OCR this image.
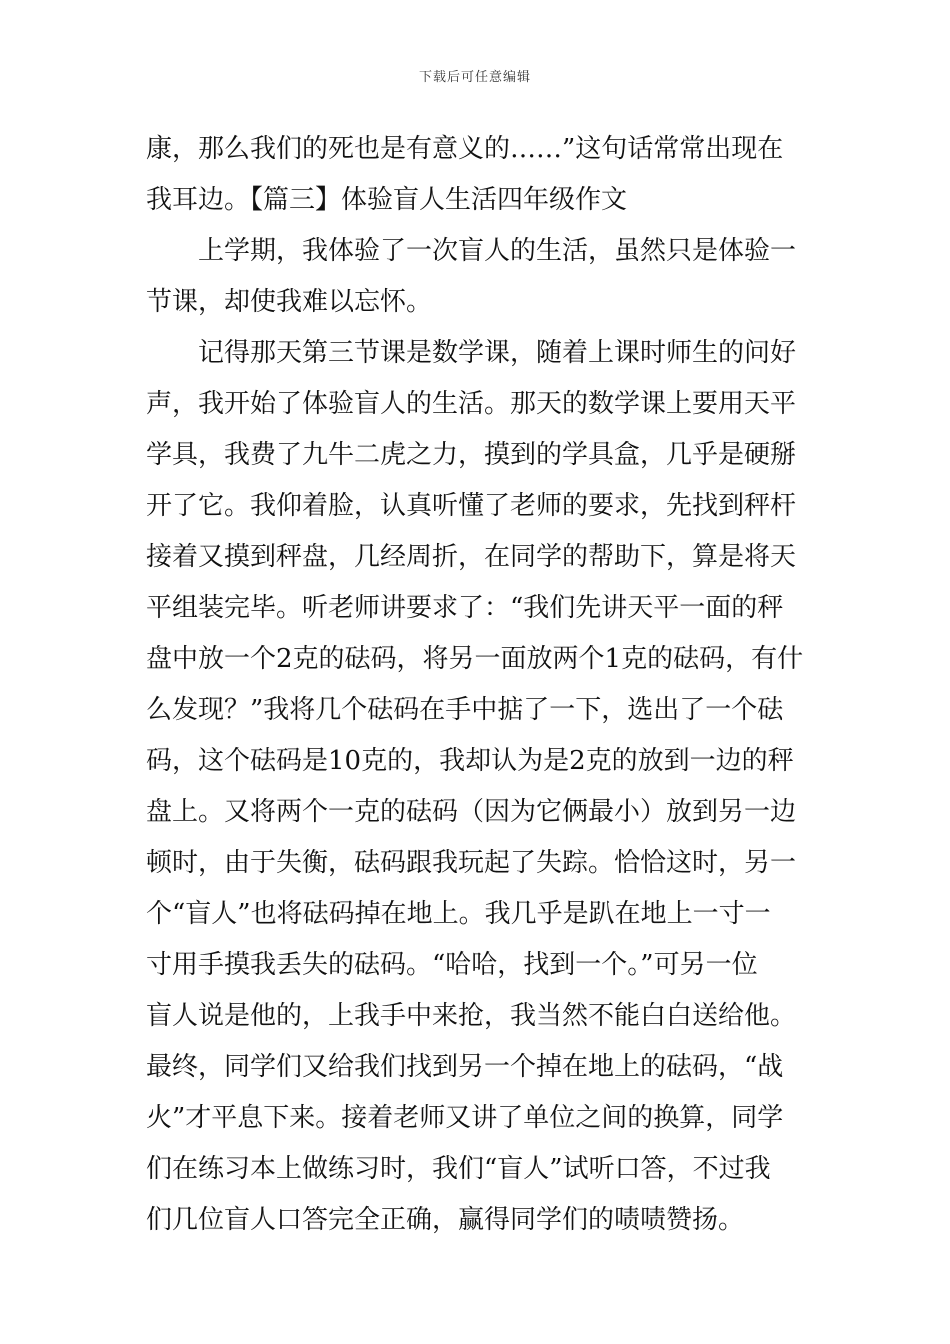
下载后可任意编辑
康，那么我们的死也是有意义的……”这句话常常出现在
我耳边。【篇三】体验盲人生活四年级作文
　　上学期，我体验了一次盲人的生活，虽然只是体验一
节课，却使我难以忘怀。
　　记得那天第三节课是数学课，随着上课时师生的问好
声，我开始了体验盲人的生活。那天的数学课上要用天平
学具，我费了九牛二虎之力，摸到的学具盒，几乎是硬掰
开了它。我仰着脸，认真听懂了老师的要求，先找到秤杆
接着又摸到秤盘，几经周折，在同学的帮助下，算是将天
平组装完毕。听老师讲要求了：“我们先讲天平一面的秤
盘中放一个2克的砝码，将另一面放两个1克的砝码，有什
么发现？”我将几个砝码在手中掂了一下，选出了一个砝
码，这个砝码是10克的，我却认为是2克的放到一边的秤
盘上。又将两个一克的砝码（因为它俩最小）放到另一边
顿时，由于失衡，砝码跟我玩起了失踪。恰恰这时，另一
个“盲人”也将砝码掉在地上。我几乎是趴在地上一寸一
寸用手摸我丢失的砝码。“哈哈，找到一个。”可另一位
盲人说是他的，上我手中来抢，我当然不能白白送给他。
最终，同学们又给我们找到另一个掉在地上的砝码，“战
火”才平息下来。接着老师又讲了单位之间的换算，同学
们在练习本上做练习时，我们“盲人”试听口答，不过我
们几位盲人口答完全正确，赢得同学们的啧啧赞扬。
